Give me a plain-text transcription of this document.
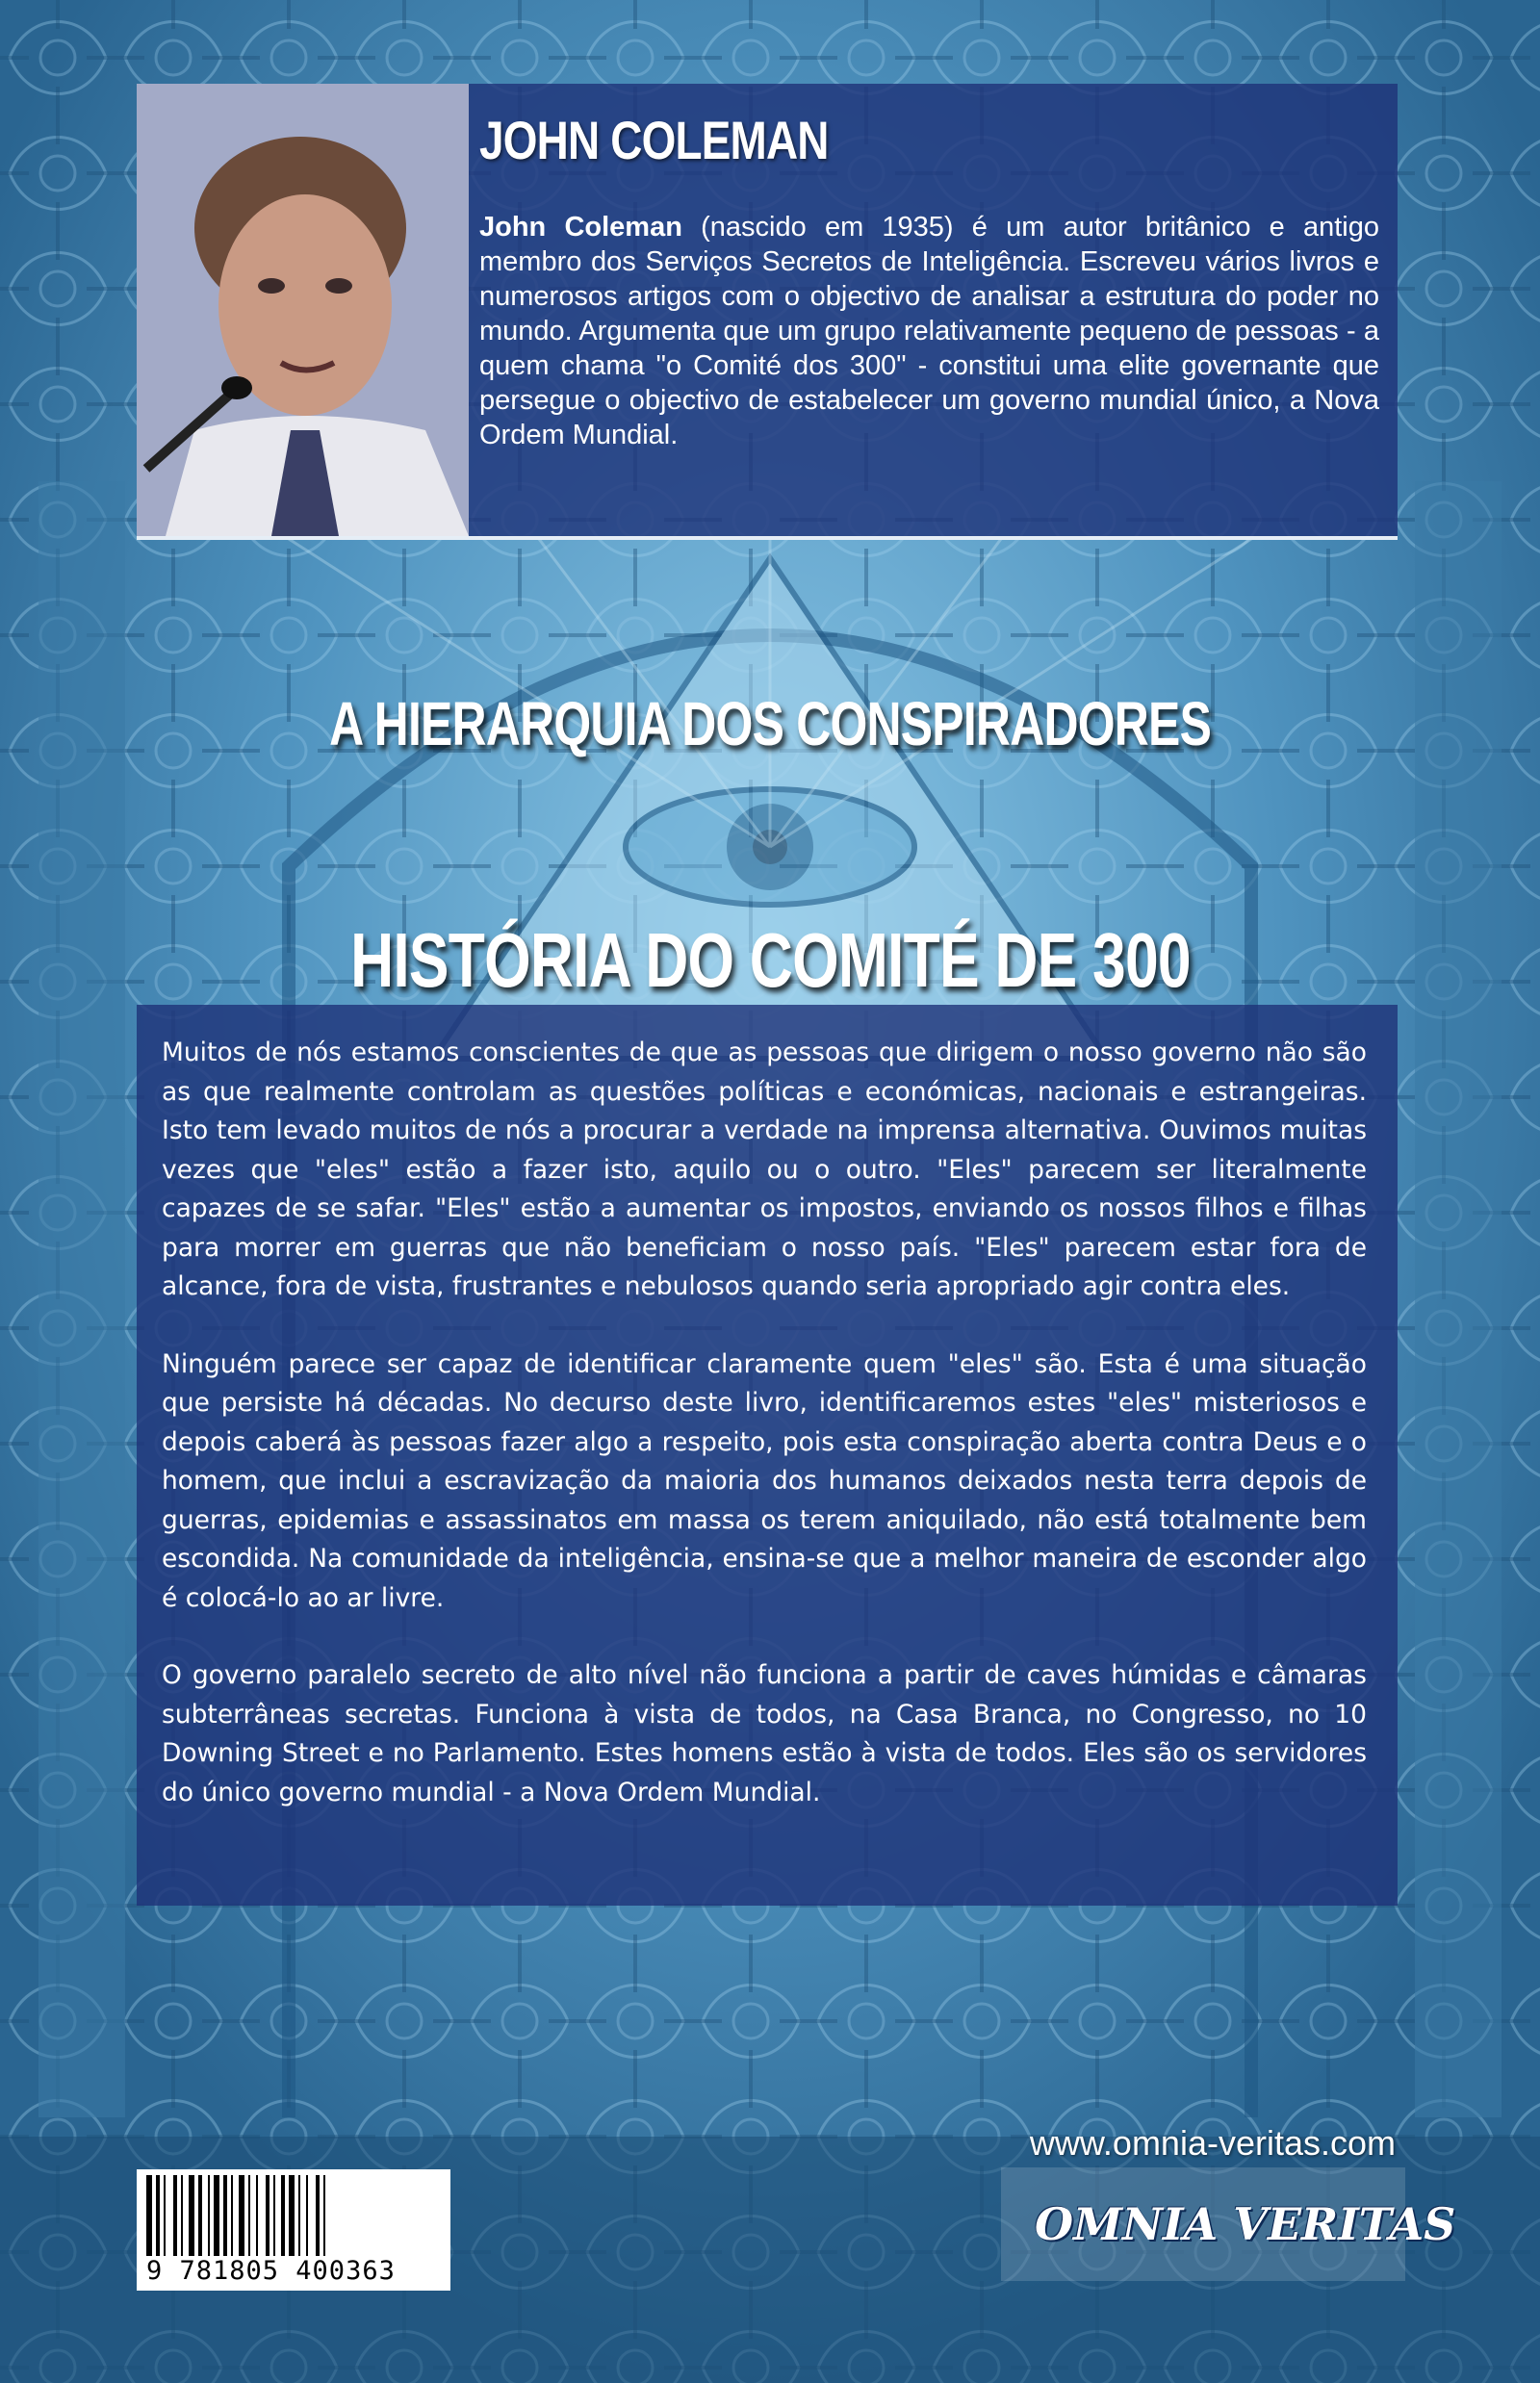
JOHN COLEMAN
John Coleman (nascido em 1935) é um autor britânico e antigo membro dos Serviços Secretos de Inteligência. Escreveu vários livros e numerosos artigos com o objectivo de analisar a estrutura do poder no mundo. Argumenta que um grupo relativamente pequeno de pessoas - a quem chama "o Comité dos 300" - constitui uma elite governante que persegue o objectivo de estabelecer um governo mundial único, a Nova Ordem Mundial.
A HIERARQUIA DOS CONSPIRADORES
HISTÓRIA DO COMITÉ DE 300

Muitos de nós estamos conscientes de que as pessoas que dirigem o nosso governo não são as que realmente controlam as questões políticas e económicas, nacionais e estrangeiras. Isto tem levado muitos de nós a procurar a verdade na imprensa alternativa. Ouvimos muitas vezes que "eles" estão a fazer isto, aquilo ou o outro. "Eles" parecem ser literalmente capazes de se safar. "Eles" estão a aumentar os impostos, enviando os nossos filhos e filhas para morrer em guerras que não beneficiam o nosso país. "Eles" parecem estar fora de alcance, fora de vista, frustrantes e nebulosos quando seria apropriado agir contra eles.

Ninguém parece ser capaz de identificar claramente quem "eles" são. Esta é uma situação que persiste há décadas. No decurso deste livro, identificaremos estes "eles" misteriosos e depois caberá às pessoas fazer algo a respeito, pois esta conspiração aberta contra Deus e o homem, que inclui a escravização da maioria dos humanos deixados nesta terra depois de guerras, epidemias e assassinatos em massa os terem aniquilado, não está totalmente bem escondida. Na comunidade da inteligência, ensina-se que a melhor maneira de esconder algo é colocá-lo ao ar livre.

O governo paralelo secreto de alto nível não funciona a partir de caves húmidas e câmaras subterrâneas secretas. Funciona à vista de todos, na Casa Branca, no Congresso, no 10 Downing Street e no Parlamento. Estes homens estão à vista de todos. Eles são os servidores do único governo mundial - a Nova Ordem Mundial.

www.omnia-veritas.com
9 781805 400363
OMNIA VERITAS
